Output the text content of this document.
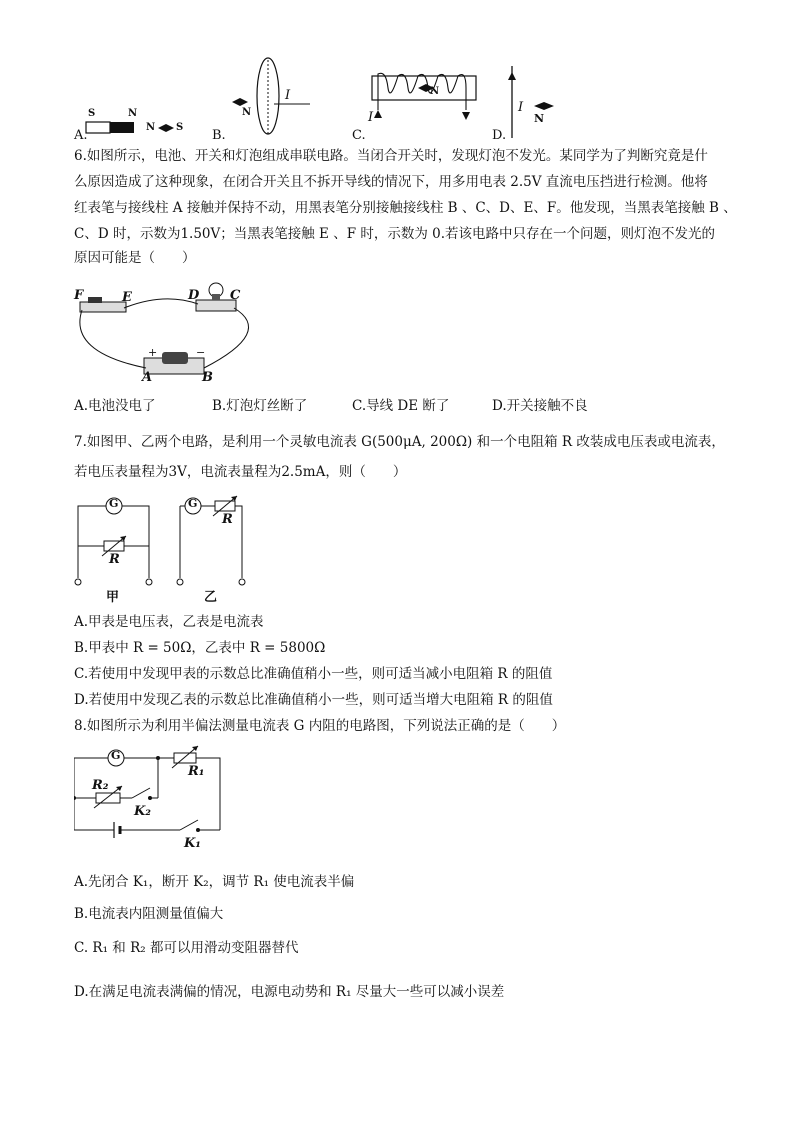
S	N
N S
A.
N
I
B.
N
I
C.
I
N
D.
6.如图所示，电池、开关和灯泡组成串联电路。当闭合开关时，发现灯泡不发光。某同学为了判断究竟是什
么原因造成了这种现象，在闭合开关且不拆开导线的情况下，用多用电表 2.5V 直流电压挡进行检测。他将
红表笔与接线柱 A 接触并保持不动，用黑表笔分别接触接线柱 B 、C、D、E、F。他发现，当黑表笔接触 B 、
C、D 时，示数为1.50V；当黑表笔接触 E 、F 时，示数为 0.若该电路中只存在一个问题，则灯泡不发光的
原因可能是（　　）
F	E	D C
A	B
+	−
A.电池没电了	B.灯泡灯丝断了	C.导线 DE 断了	D.开关接触不良
7.如图甲、乙两个电路，是利用一个灵敏电流表 G(500μA, 200Ω) 和一个电阻箱 R 改装成电压表或电流表，
若电压表量程为3V，电流表量程为2.5mA，则（　　）
G
R
甲
G
R
乙
A.甲表是电压表，乙表是电流表
B.甲表中 R = 50Ω，乙表中 R = 5800Ω
C.若使用中发现甲表的示数总比准确值稍小一些，则可适当减小电阻箱 R 的阻值
D.若使用中发现乙表的示数总比准确值稍小一些，则可适当增大电阻箱 R 的阻值
8.如图所示为利用半偏法测量电流表 G 内阻的电路图，下列说法正确的是（　　）
G
R₁
R₂
K₂
K₁
A.先闭合 K₁，断开 K₂，调节 R₁ 使电流表半偏
B.电流表内阻测量值偏大
C. R₁ 和 R₂ 都可以用滑动变阻器替代
D.在满足电流表满偏的情况，电源电动势和 R₁ 尽量大一些可以减小误差
